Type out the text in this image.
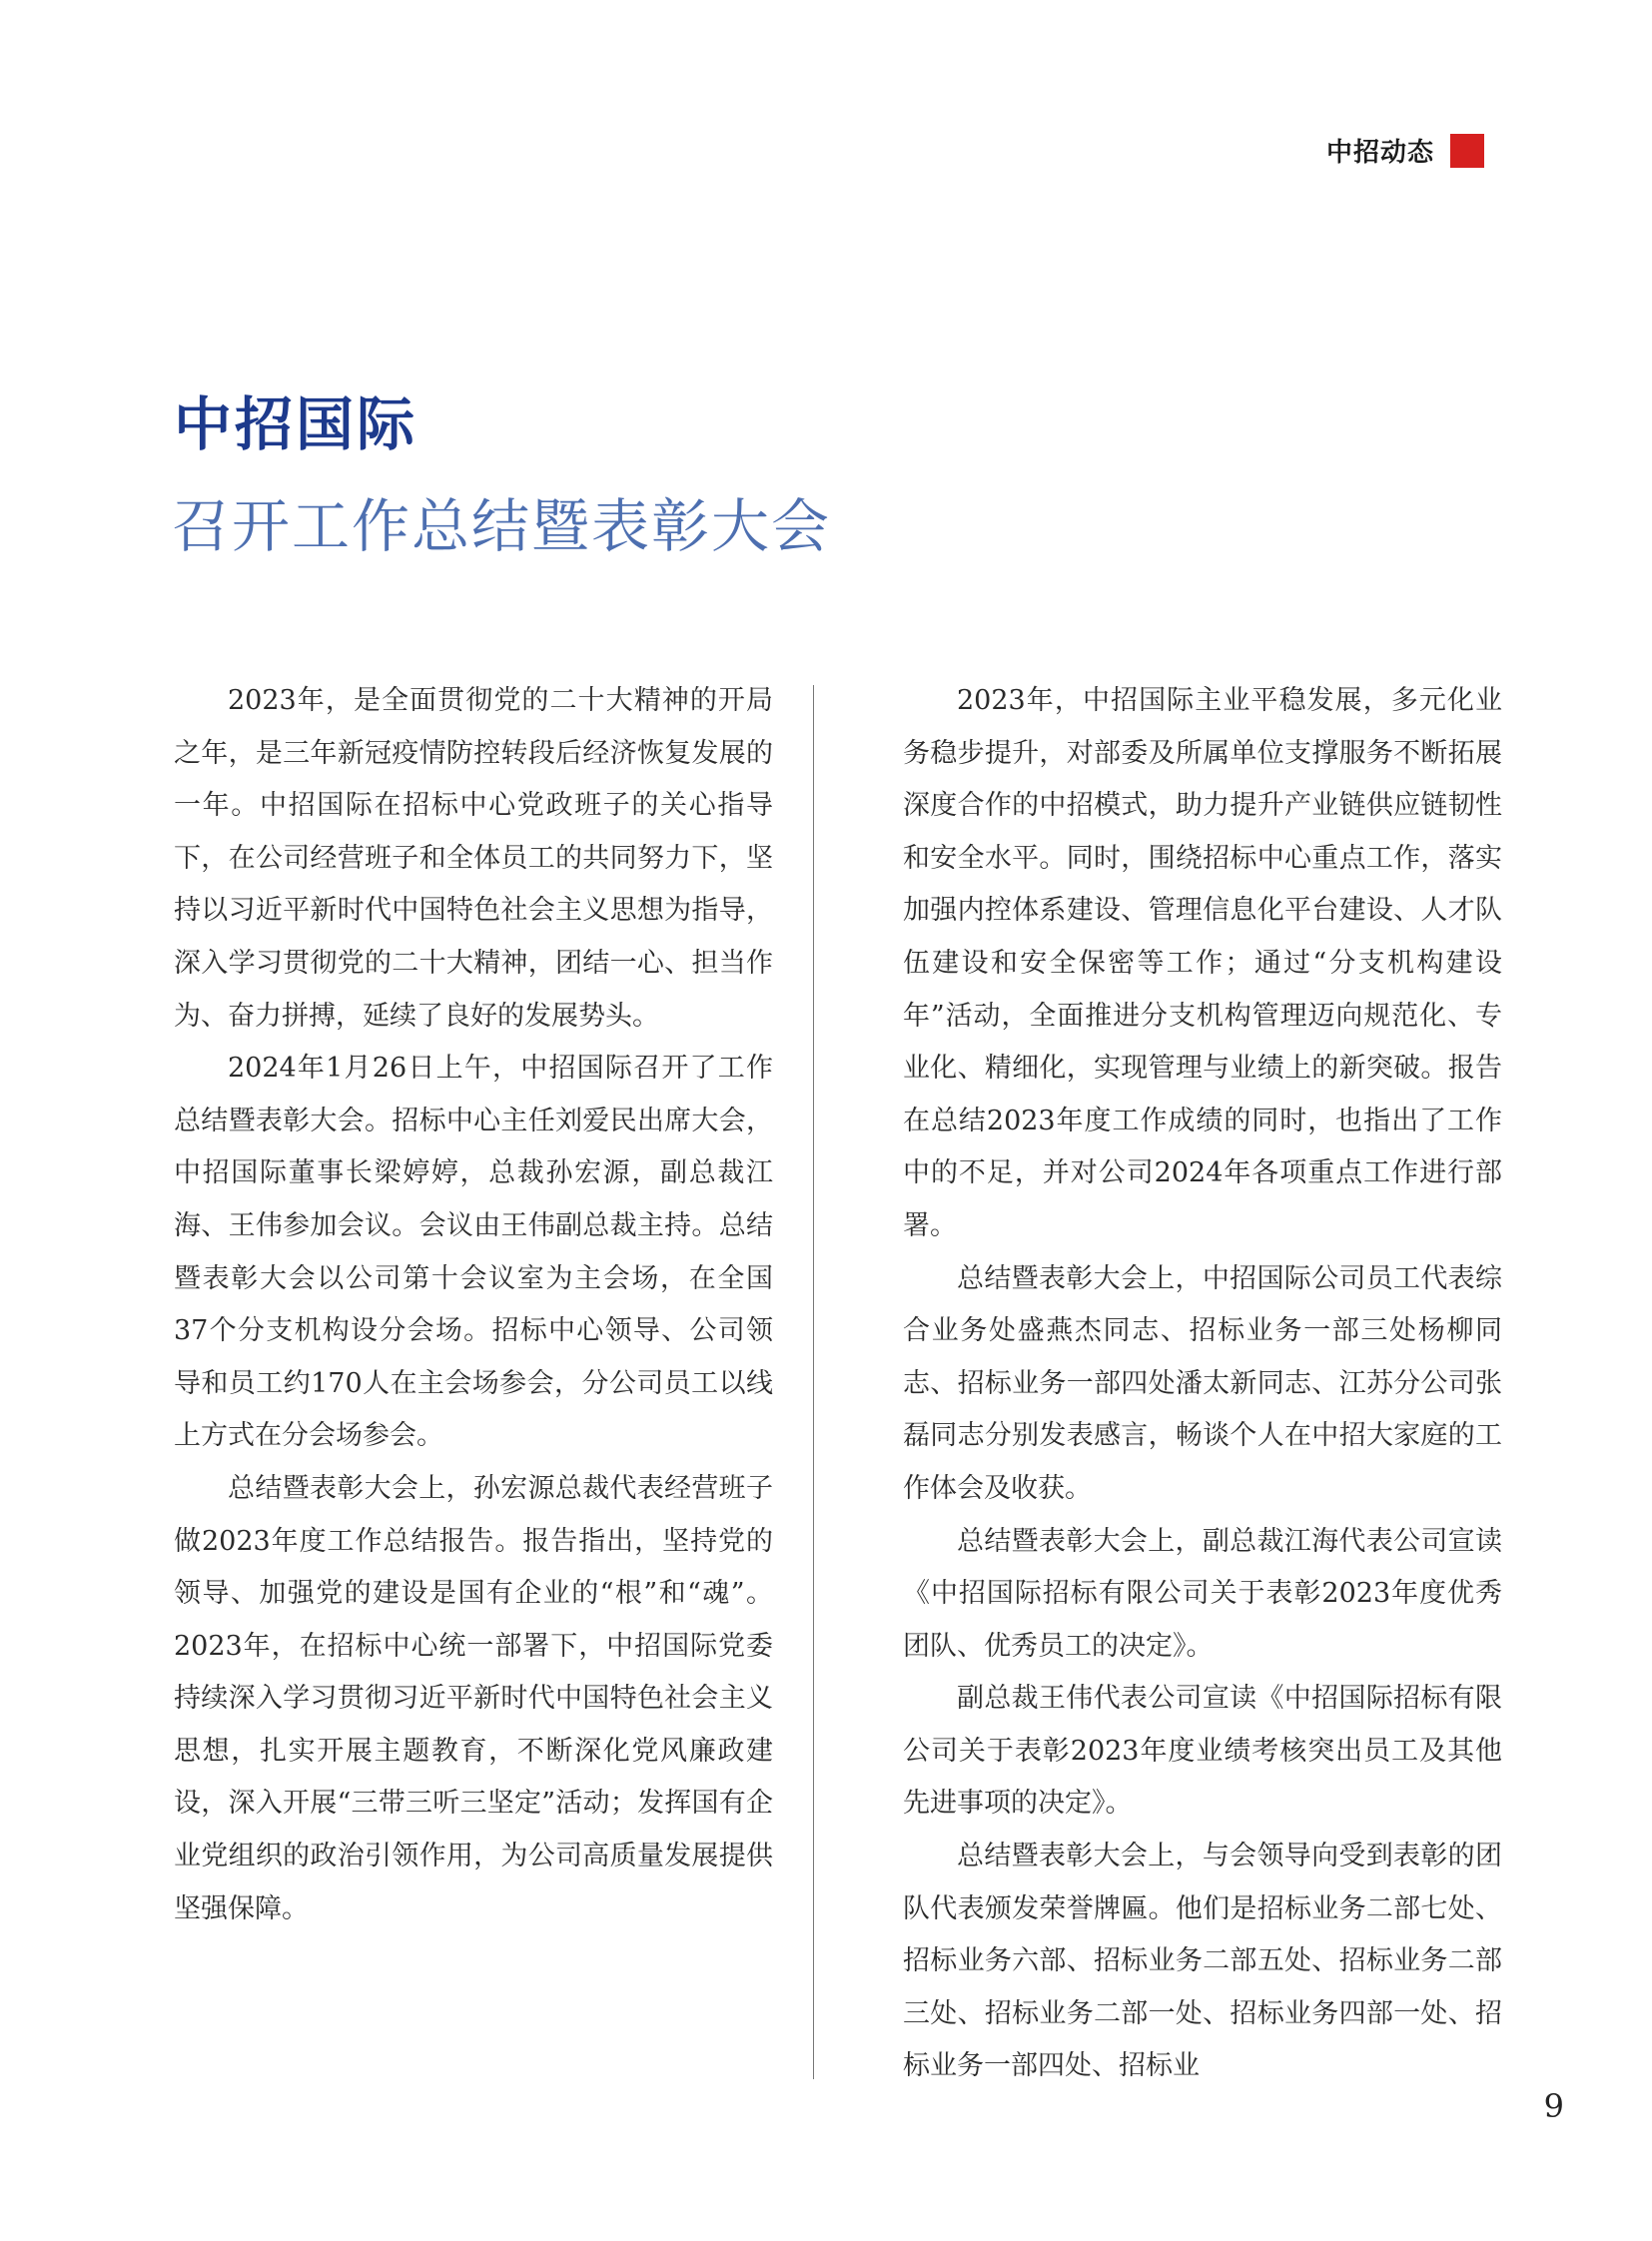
中招动态
中招国际
召开工作总结暨表彰大会

2023年，是全面贯彻党的二十大精神的开局之年，是三年新冠疫情防控转段后经济恢复发展的一年。中招国际在招标中心党政班子的关心指导下，在公司经营班子和全体员工的共同努力下，坚持以习近平新时代中国特色社会主义思想为指导，深入学习贯彻党的二十大精神，团结一心、担当作为、奋力拼搏，延续了良好的发展势头。

2024年1月26日上午，中招国际召开了工作总结暨表彰大会。招标中心主任刘爱民出席大会，中招国际董事长梁婷婷，总裁孙宏源，副总裁江海、王伟参加会议。会议由王伟副总裁主持。总结暨表彰大会以公司第十会议室为主会场，在全国37个分支机构设分会场。招标中心领导、公司领导和员工约170人在主会场参会，分公司员工以线上方式在分会场参会。

总结暨表彰大会上，孙宏源总裁代表经营班子做2023年度工作总结报告。报告指出，坚持党的领导、加强党的建设是国有企业的“根”和“魂”。2023年，在招标中心统一部署下，中招国际党委持续深入学习贯彻习近平新时代中国特色社会主义思想，扎实开展主题教育，不断深化党风廉政建设，深入开展“三带三听三坚定”活动；发挥国有企业党组织的政治引领作用，为公司高质量发展提供坚强保障。

2023年，中招国际主业平稳发展，多元化业务稳步提升，对部委及所属单位支撑服务不断拓展深度合作的中招模式，助力提升产业链供应链韧性和安全水平。同时，围绕招标中心重点工作，落实加强内控体系建设、管理信息化平台建设、人才队伍建设和安全保密等工作；通过“分支机构建设年”活动，全面推进分支机构管理迈向规范化、专业化、精细化，实现管理与业绩上的新突破。报告在总结2023年度工作成绩的同时，也指出了工作中的不足，并对公司2024年各项重点工作进行部署。

总结暨表彰大会上，中招国际公司员工代表综合业务处盛燕杰同志、招标业务一部三处杨柳同志、招标业务一部四处潘太新同志、江苏分公司张磊同志分别发表感言，畅谈个人在中招大家庭的工作体会及收获。

总结暨表彰大会上，副总裁江海代表公司宣读《中招国际招标有限公司关于表彰2023年度优秀团队、优秀员工的决定》。

副总裁王伟代表公司宣读《中招国际招标有限公司关于表彰2023年度业绩考核突出员工及其他先进事项的决定》。

总结暨表彰大会上，与会领导向受到表彰的团队代表颁发荣誉牌匾。他们是招标业务二部七处、招标业务六部、招标业务二部五处、招标业务二部三处、招标业务二部一处、招标业务四部一处、招标业务一部四处、招标业

9
